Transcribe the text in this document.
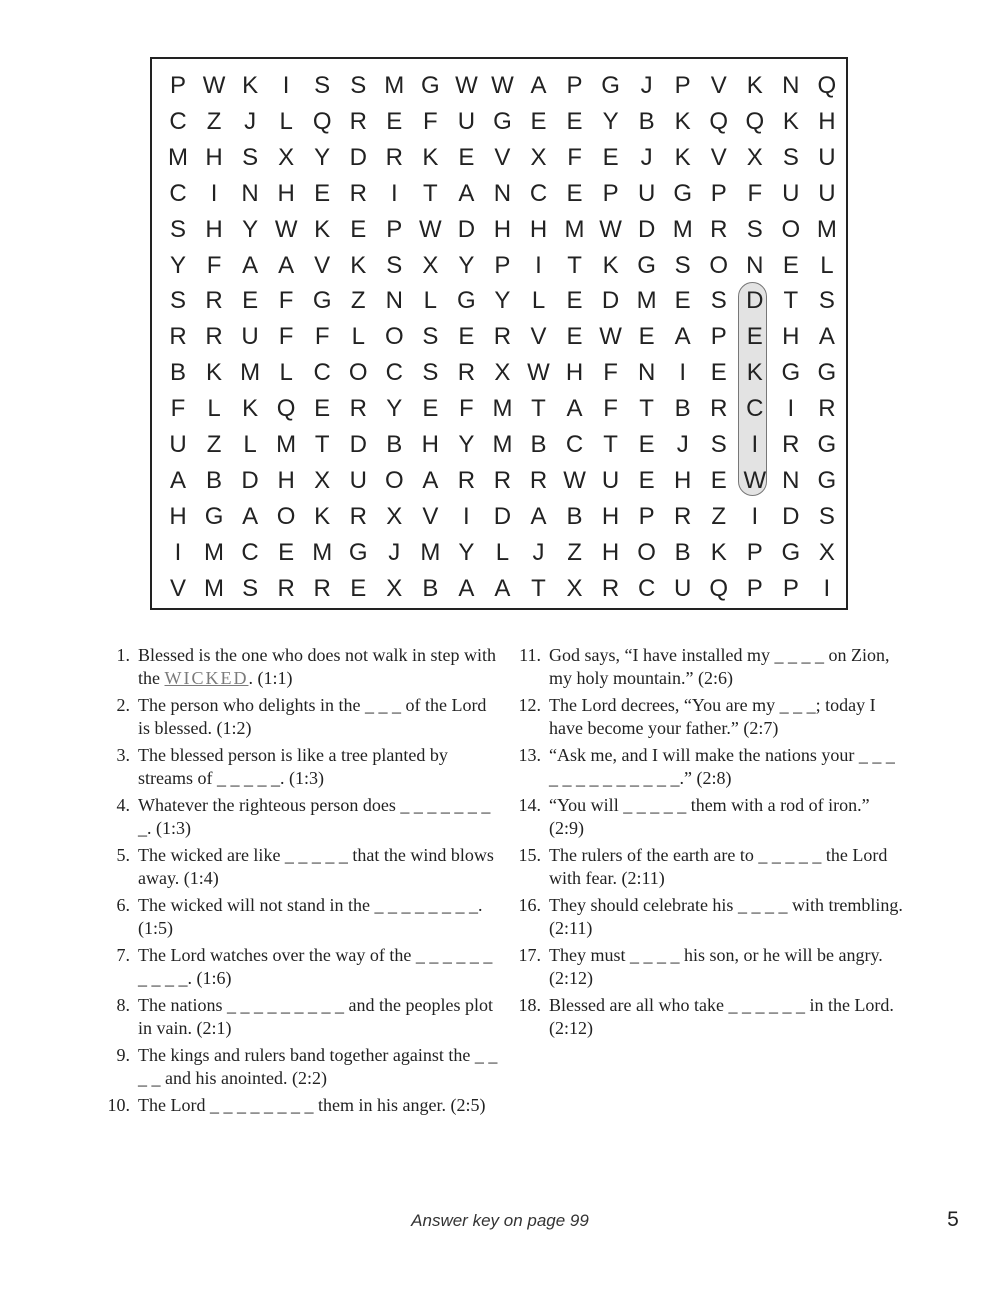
P W K	I	S S M G W W A P G J P V K N Q
C Z J L Q R E F U G E E Y B K Q Q K H
M H S X Y D R K E V X F E J K V X S U
C	I	N H E R	I	T A N C E P U G P F U U
S H Y W K E P W D H H M W D M R S O M
Y F A A V K S X Y P	I	T K G S O N E L
S R E F G Z N L G Y L E D M E S D T S
R R U F F L O S E R V E W E A P E H A
B K M L C O C S R X W H F N	I	E K G G
F L K Q E R Y E F M T A F T B R C	I	R
U Z L M T D B H Y M B C T E J S	I	R G
A B D H X U O A R R R W U E H E W N G
H G A O K R X V	I	D A B H P R Z	I	D S
I M C E M G J M Y L J Z H O B K P G X
V M S R R E X B A A T X R C U Q P P	I
1. Blessed is the one who does not walk in step with the WICKED. (1:1)
2. The person who delights in the _ _ _ of the Lord is blessed. (1:2)
3. The blessed person is like a tree planted by streams of _ _ _ _ _. (1:3)
4. Whatever the righteous person does _ _ _ _ _ _ _ _. (1:3)
5. The wicked are like _ _ _ _ _ that the wind blows away. (1:4)
6. The wicked will not stand in the _ _ _ _ _ _ _ _. (1:5)
7. The Lord watches over the way of the _ _ _ _ _ _ _ _ _ _. (1:6)
8. The nations _ _ _ _ _ _ _ _ _ and the peoples plot in vain. (2:1)
9. The kings and rulers band together against the _ _ _ _ and his anointed. (2:2)
10. The Lord _ _ _ _ _ _ _ _ them in his anger. (2:5)
11. God says, “I have installed my _ _ _ _ on Zion, my holy mountain.” (2:6)
12. The Lord decrees, “You are my _ _ _; today I have become your father.” (2:7)
13. “Ask me, and I will make the nations your _ _ _ _ _ _ _ _ _ _ _ _ _.” (2:8)
14. “You will _ _ _ _ _ them with a rod of iron.” (2:9)
15. The rulers of the earth are to _ _ _ _ _ the Lord with fear. (2:11)
16. They should celebrate his _ _ _ _ with trembling. (2:11)
17. They must _ _ _ _ his son, or he will be angry. (2:12)
18. Blessed are all who take _ _ _ _ _ _ in the Lord. (2:12)
Answer key on page 99	5
